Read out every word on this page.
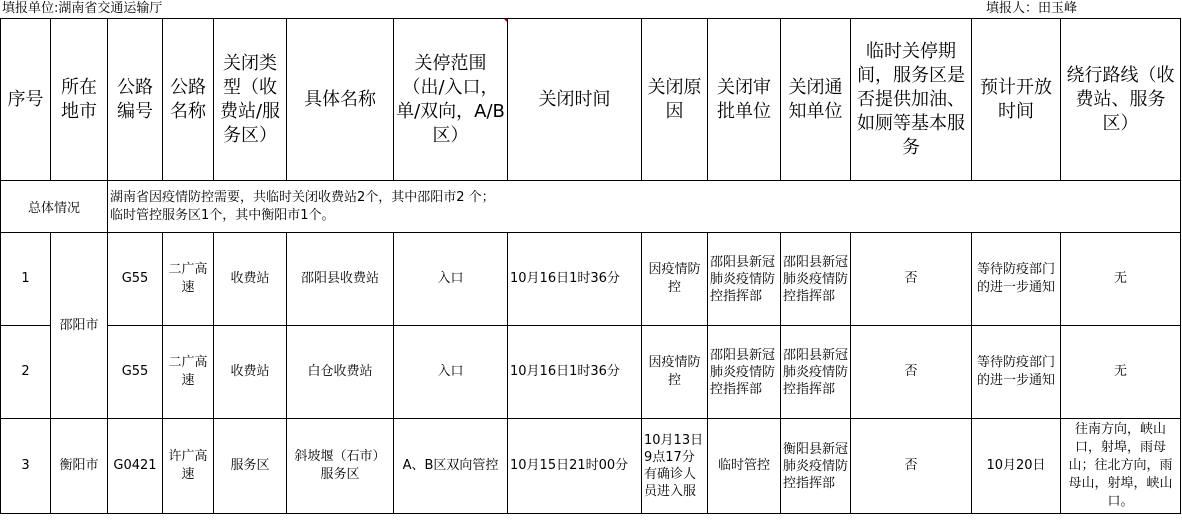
填报单位:湖南省交通运输厅	填报人：田玉峰
序号	所在地市	公路编号	公路名称	关闭类型（收费站/服务区）	具体名称	关停范围（出/入口，单/双向，A/B区）	关闭时间	关闭原因	关闭审批单位	关闭通知单位	临时关停期间，服务区是否提供加油、如厕等基本服务	预计开放时间	绕行路线（收费站、服务区）
总体情况		湖南省因疫情防控需要，共临时关闭收费站2个，其中邵阳市2 个；
临时管控服务区1个，其中衡阳市1个。											

1	邵阳市	G55	二广高速	收费站	邵阳县收费站	入口	10月16日1时36分	因疫情防控	邵阳县新冠肺炎疫情防控指挥部	邵阳县新冠肺炎疫情防控指挥部	否	等待防疫部门的进一步通知	无
2		G55	二广高速	收费站	白仓收费站	入口	10月16日1时36分	因疫情防控	邵阳县新冠肺炎疫情防控指挥部	邵阳县新冠肺炎疫情防控指挥部	否	等待防疫部门的进一步通知	无
3	衡阳市	G0421	许广高速	服务区	斜坡堰（石市）服务区	A、B区双向管控	10月15日21时00分	10月13日9点17分有确诊人员进入服	临时管控	衡阳县新冠肺炎疫情防控指挥部	否	10月20日	往南方向，峡山口，射埠，雨母山；往北方向，雨母山，射埠，峡山口。
